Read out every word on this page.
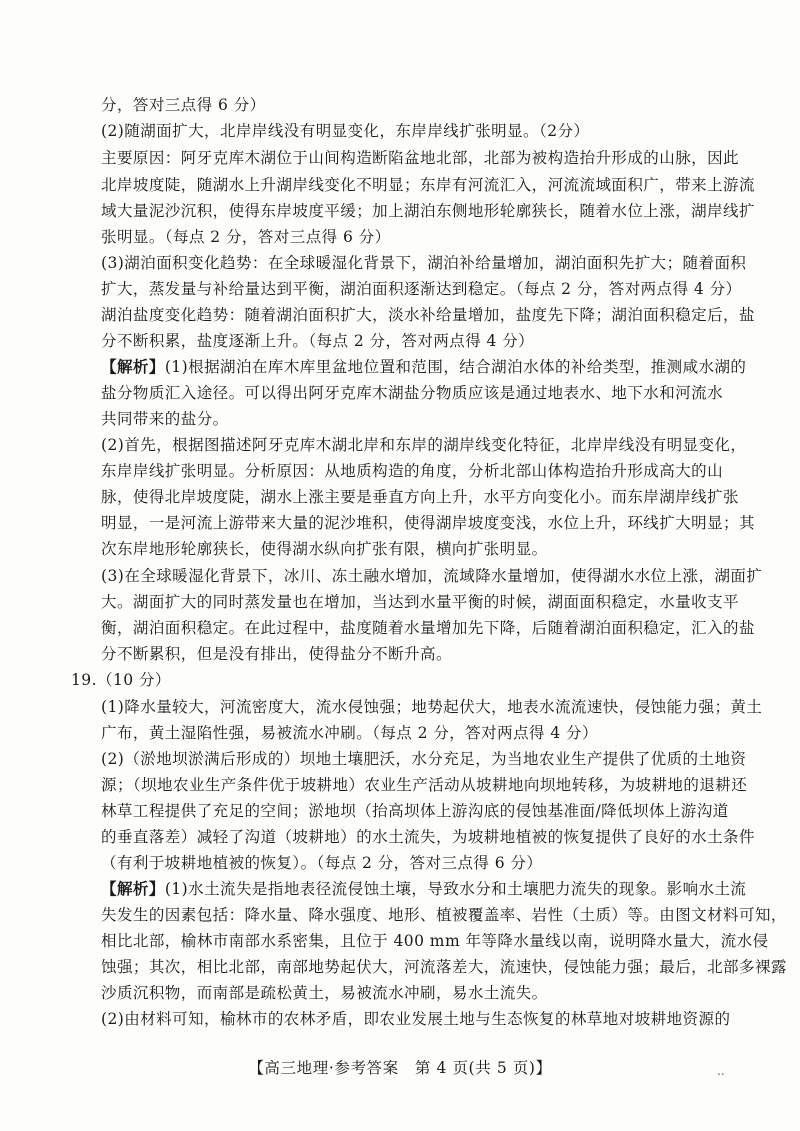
分，答对三点得 6 分）
(2)随湖面扩大，北岸岸线没有明显变化，东岸岸线扩张明显。（2分）
主要原因：阿牙克库木湖位于山间构造断陷盆地北部，北部为被构造抬升形成的山脉，因此
北岸坡度陡，随湖水上升湖岸线变化不明显；东岸有河流汇入，河流流域面积广，带来上游流
域大量泥沙沉积，使得东岸坡度平缓；加上湖泊东侧地形轮廓狭长，随着水位上涨，湖岸线扩
张明显。（每点 2 分，答对三点得 6 分）
(3)湖泊面积变化趋势：在全球暖湿化背景下，湖泊补给量增加，湖泊面积先扩大；随着面积
扩大，蒸发量与补给量达到平衡，湖泊面积逐渐达到稳定。（每点 2 分，答对两点得 4 分）
湖泊盐度变化趋势：随着湖泊面积扩大，淡水补给量增加，盐度先下降；湖泊面积稳定后，盐
分不断积累，盐度逐渐上升。（每点 2 分，答对两点得 4 分）
【解析】(1)根据湖泊在库木库里盆地位置和范围，结合湖泊水体的补给类型，推测咸水湖的
盐分物质汇入途径。可以得出阿牙克库木湖盐分物质应该是通过地表水、地下水和河流水
共同带来的盐分。
(2)首先，根据图描述阿牙克库木湖北岸和东岸的湖岸线变化特征，北岸岸线没有明显变化，
东岸岸线扩张明显。分析原因：从地质构造的角度，分析北部山体构造抬升形成高大的山
脉，使得北岸坡度陡，湖水上涨主要是垂直方向上升，水平方向变化小。而东岸湖岸线扩张
明显，一是河流上游带来大量的泥沙堆积，使得湖岸坡度变浅，水位上升，环线扩大明显；其
次东岸地形轮廓狭长，使得湖水纵向扩张有限，横向扩张明显。
(3)在全球暖湿化背景下，冰川、冻土融水增加，流域降水量增加，使得湖水水位上涨，湖面扩
大。湖面扩大的同时蒸发量也在增加，当达到水量平衡的时候，湖面面积稳定，水量收支平
衡，湖泊面积稳定。在此过程中，盐度随着水量增加先下降，后随着湖泊面积稳定，汇入的盐
分不断累积，但是没有排出，使得盐分不断升高。
19.（10 分）
(1)降水量较大，河流密度大，流水侵蚀强；地势起伏大，地表水流流速快，侵蚀能力强；黄土
广布，黄土湿陷性强，易被流水冲刷。（每点 2 分，答对两点得 4 分）
(2)（淤地坝淤满后形成的）坝地土壤肥沃，水分充足，为当地农业生产提供了优质的土地资
源；（坝地农业生产条件优于坡耕地）农业生产活动从坡耕地向坝地转移，为坡耕地的退耕还
林草工程提供了充足的空间；淤地坝（抬高坝体上游沟底的侵蚀基准面/降低坝体上游沟道
的垂直落差）减轻了沟道（坡耕地）的水土流失，为坡耕地植被的恢复提供了良好的水土条件
（有利于坡耕地植被的恢复）。（每点 2 分，答对三点得 6 分）
【解析】(1)水土流失是指地表径流侵蚀土壤，导致水分和土壤肥力流失的现象。影响水土流
失发生的因素包括：降水量、降水强度、地形、植被覆盖率、岩性（土质）等。由图文材料可知，
相比北部，榆林市南部水系密集，且位于 400 mm 年等降水量线以南，说明降水量大，流水侵
蚀强；其次，相比北部，南部地势起伏大，河流落差大，流速快，侵蚀能力强；最后，北部多裸露
沙质沉积物，而南部是疏松黄土，易被流水冲刷，易水土流失。
(2)由材料可知，榆林市的农林矛盾，即农业发展土地与生态恢复的林草地对坡耕地资源的
【高三地理·参考答案　第 4 页(共 5 页)】	..
